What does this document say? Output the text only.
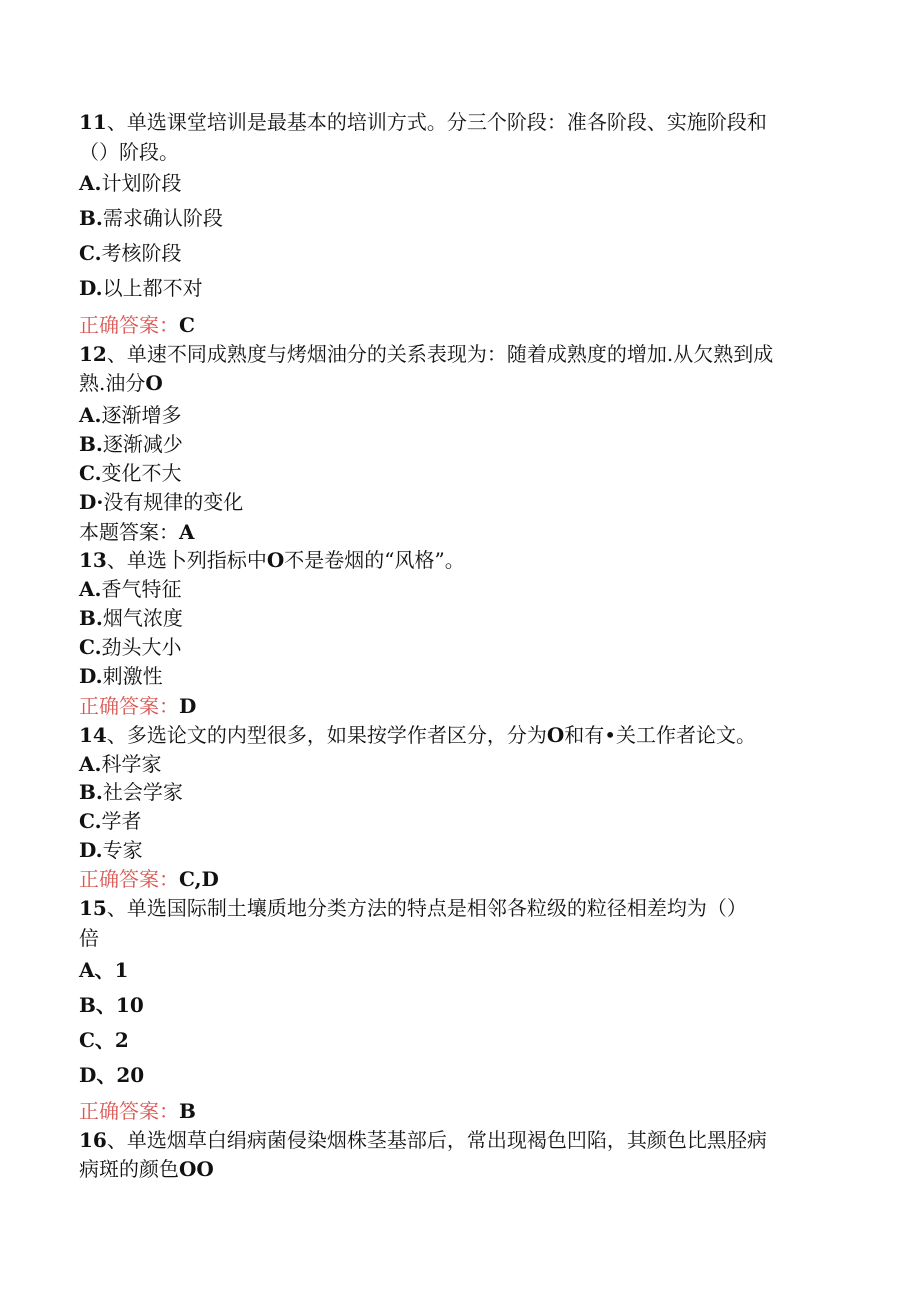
11、单选课堂培训是最基本的培训方式。分三个阶段：准各阶段、实施阶段和
（）阶段。
A.计划阶段
B.需求确认阶段
C.考核阶段
D.以上都不对
正确答案：C
12、单速不同成熟度与烤烟油分的关系表现为：随着成熟度的增加.从欠熟到成
熟.油分O
A.逐渐增多
B.逐渐减少
C.变化不大
D·没有规律的变化
本题答案：A
13、单选卜列指标中O不是卷烟的“风格”。
A.香气特征
B.烟气浓度
C.劲头大小
D.刺激性
正确答案：D
14、多选论文的内型很多，如果按学作者区分，分为O和有•关工作者论文。
A.科学家
B.社会学家
C.学者
D.专家
正确答案：C,D
15、单选国际制土壤质地分类方法的特点是相邻各粒级的粒径相差均为（）
倍
A、1
B、10
C、2
D、20
正确答案：B
16、单选烟草白绢病菌侵染烟株茎基部后，常出现褐色凹陷，其颜色比黑胫病
病斑的颜色OO
